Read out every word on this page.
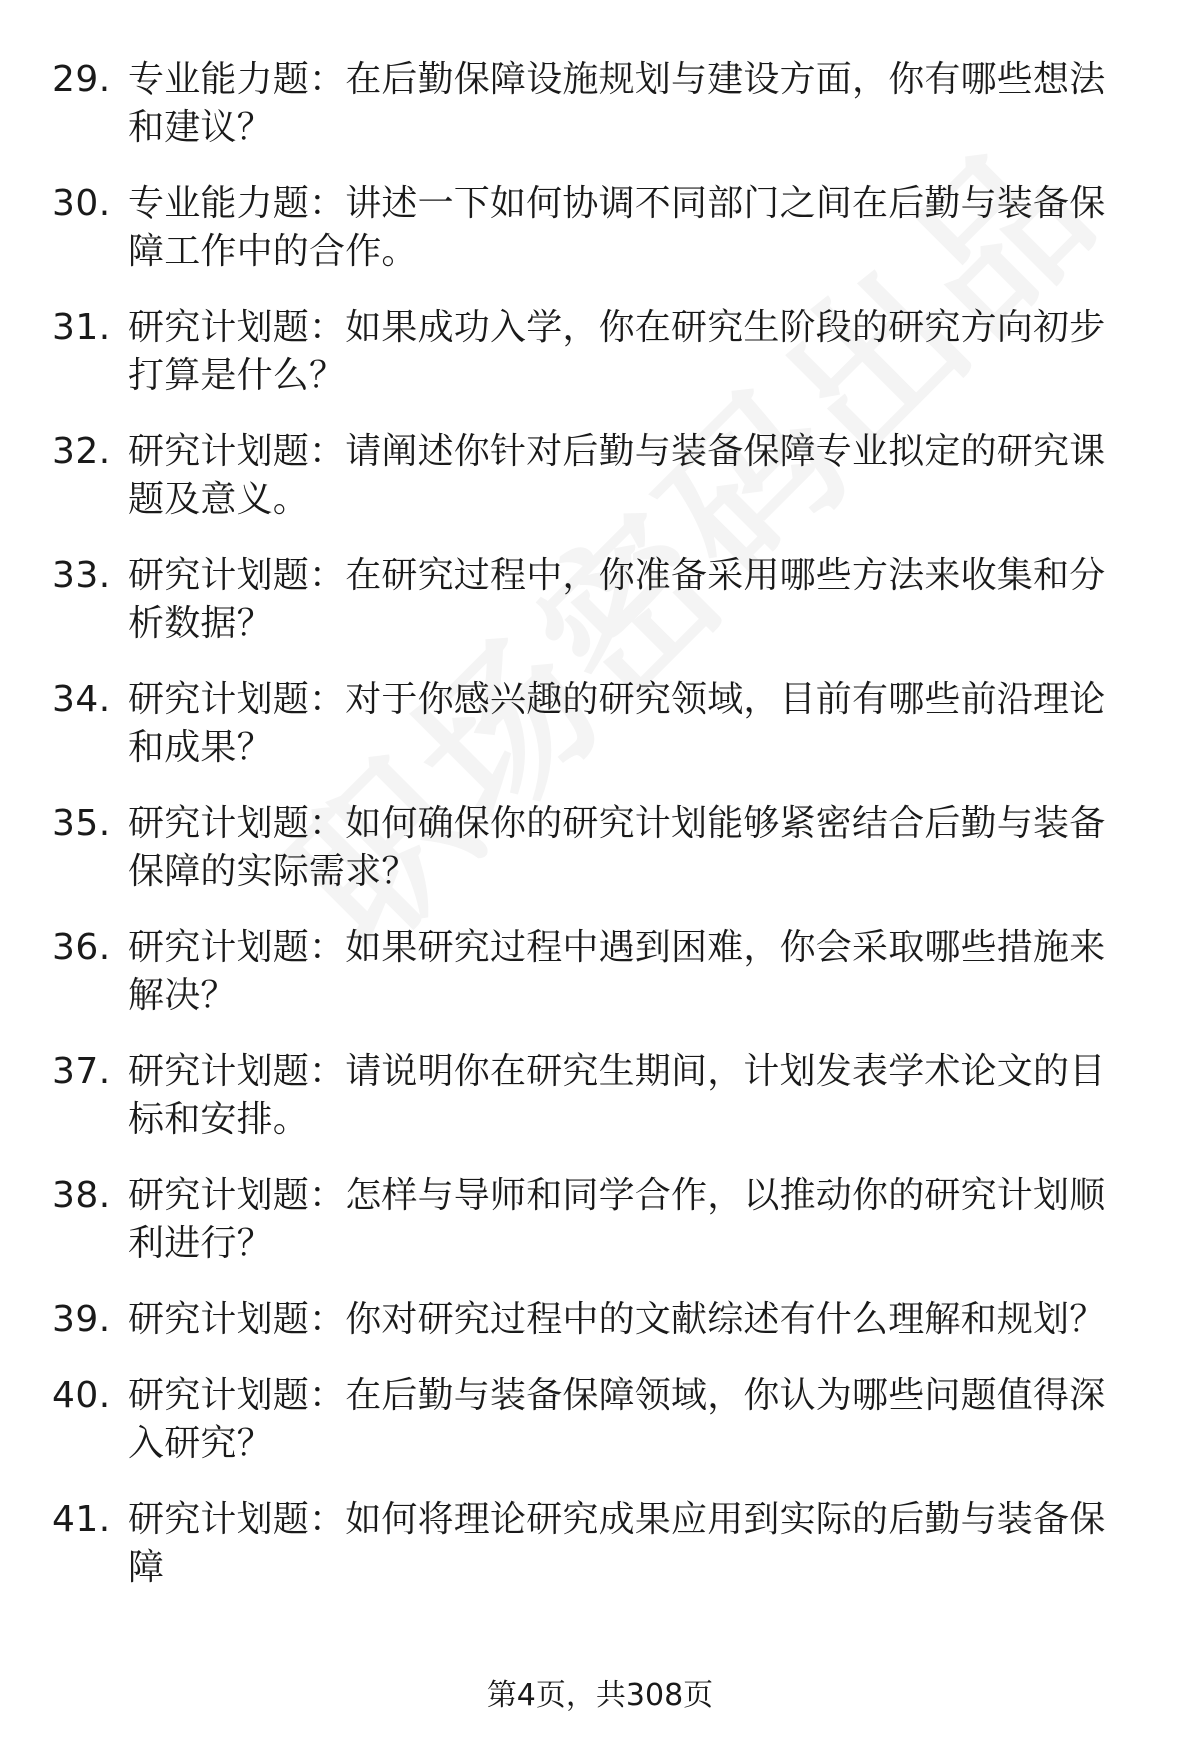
29. 专业能力题：在后勤保障设施规划与建设方面，你有哪些想法和建议？
30. 专业能力题：讲述一下如何协调不同部门之间在后勤与装备保障工作中的合作。
31. 研究计划题：如果成功入学，你在研究生阶段的研究方向初步打算是什么？
32. 研究计划题：请阐述你针对后勤与装备保障专业拟定的研究课题及意义。
33. 研究计划题：在研究过程中，你准备采用哪些方法来收集和分析数据？
34. 研究计划题：对于你感兴趣的研究领域，目前有哪些前沿理论和成果？
35. 研究计划题：如何确保你的研究计划能够紧密结合后勤与装备保障的实际需求？
36. 研究计划题：如果研究过程中遇到困难，你会采取哪些措施来解决？
37. 研究计划题：请说明你在研究生期间，计划发表学术论文的目标和安排。
38. 研究计划题：怎样与导师和同学合作，以推动你的研究计划顺利进行？
39. 研究计划题：你对研究过程中的文献综述有什么理解和规划？
40. 研究计划题：在后勤与装备保障领域，你认为哪些问题值得深入研究？
41. 研究计划题：如何将理论研究成果应用到实际的后勤与装备保障
第4页，共308页
